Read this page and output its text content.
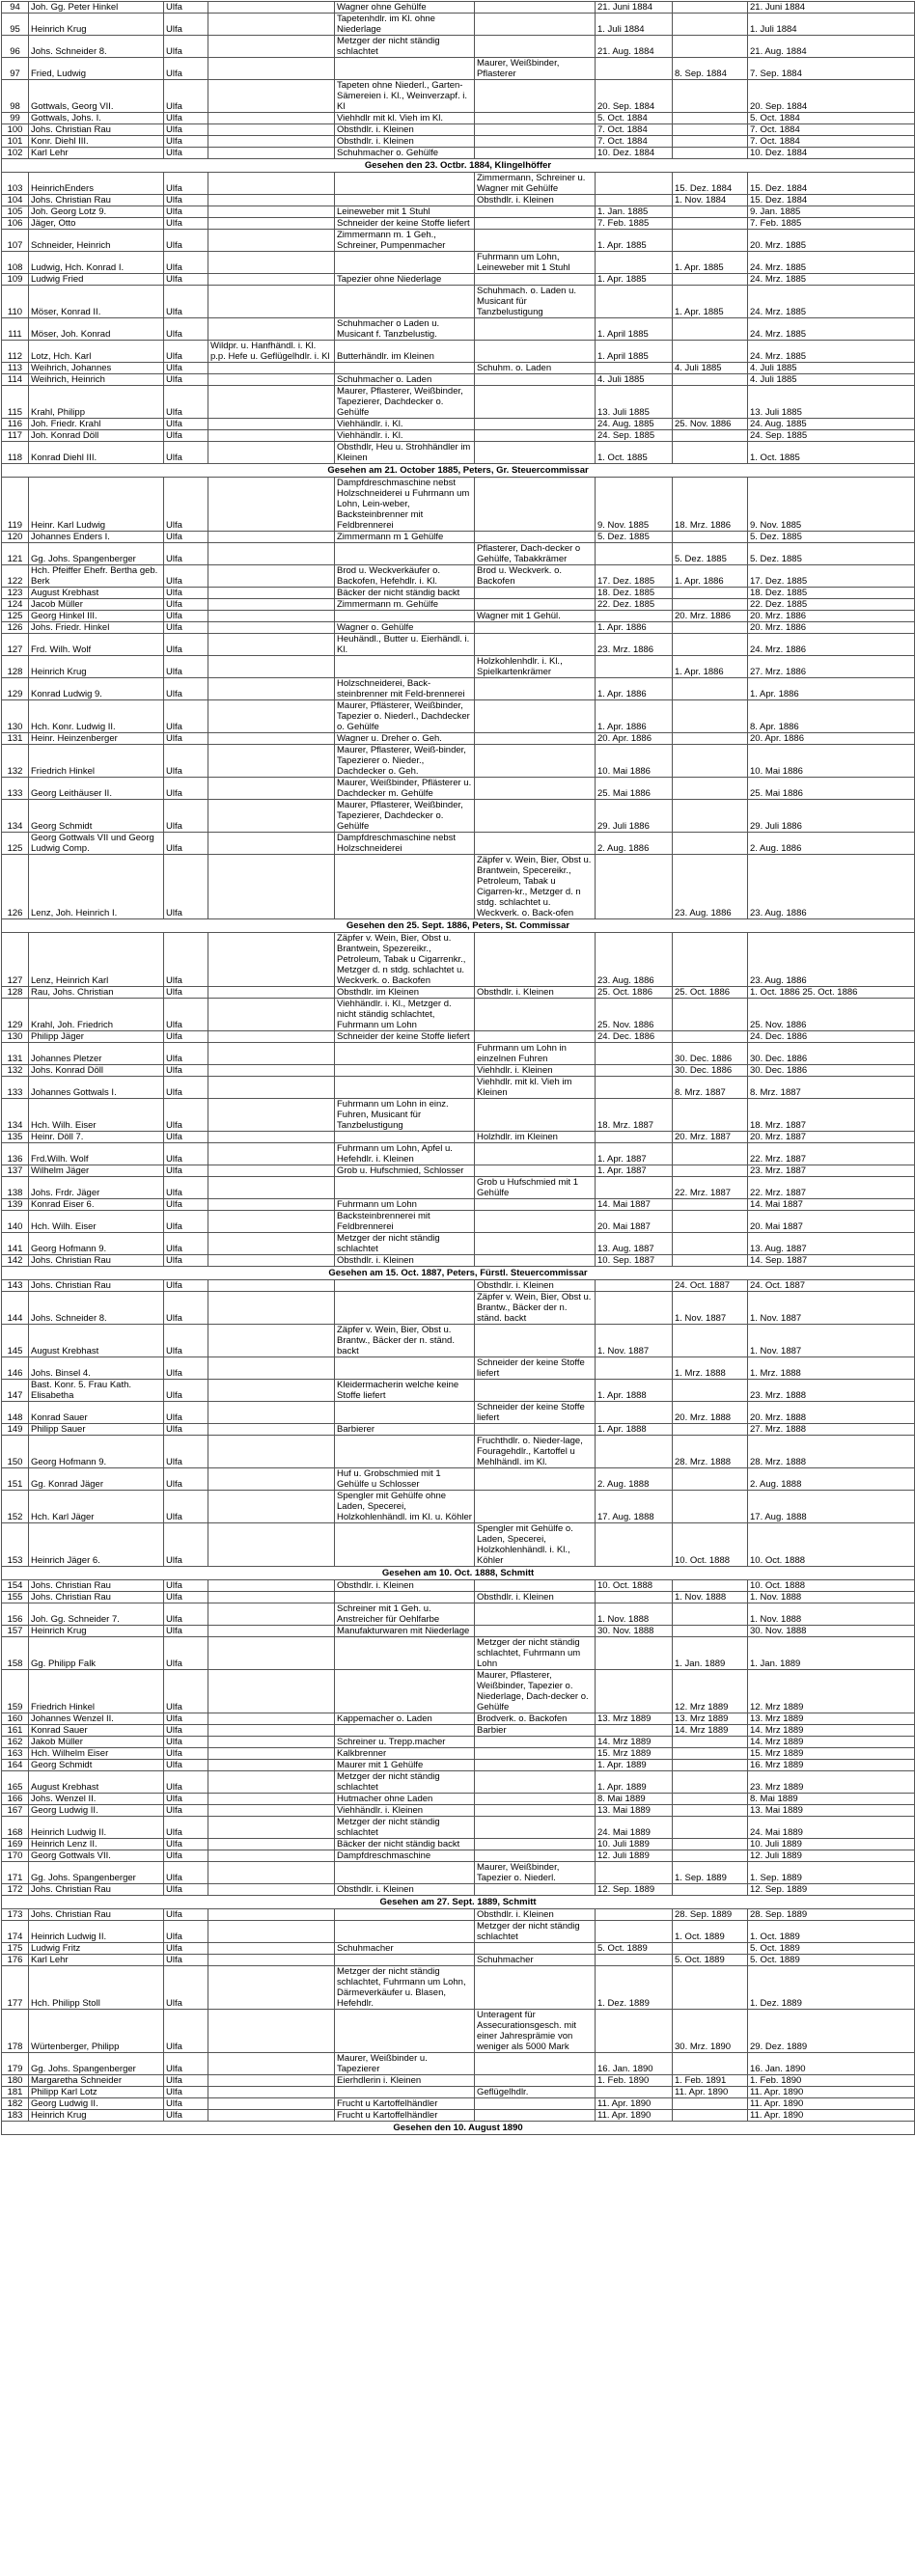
94	Joh. Gg. Peter Hinkel	Ulfa		Wagner ohne Gehülfe		21. Juni 1884		21. Juni 1884
95	Heinrich Krug	Ulfa		Tapetenhdlr. im Kl. ohne Niederlage		1. Juli 1884		1. Juli 1884
96	Johs. Schneider 8.	Ulfa		Metzger der nicht ständig schlachtet		21. Aug. 1884		21. Aug. 1884
97	Fried, Ludwig	Ulfa			Maurer, Weißbinder, Pflasterer		8. Sep. 1884	7. Sep. 1884
98	Gottwals, Georg VII.	Ulfa		Tapeten ohne Niederl., Garten-Sämereien i. Kl., Weinverzapf. i. Kl		20. Sep. 1884		20. Sep. 1884
99	Gottwals, Johs. I.	Ulfa		Viehhdlr mit kl. Vieh im Kl.		5. Oct. 1884		5. Oct. 1884
100	Johs. Christian Rau	Ulfa		Obsthdlr. i. Kleinen		7. Oct. 1884		7. Oct. 1884
101	Konr. Diehl III.	Ulfa		Obsthdlr. i. Kleinen		7. Oct. 1884		7. Oct. 1884
102	Karl Lehr	Ulfa		Schuhmacher o. Gehülfe		10. Dez. 1884		10. Dez. 1884
Gesehen den 23. Octbr. 1884, Klingelhöffer								
103	HeinrichEnders	Ulfa			Zimmermann, Schreiner u. Wagner mit Gehülfe		15. Dez. 1884	15. Dez. 1884
104	Johs. Christian Rau	Ulfa			Obsthdlr. i. Kleinen		1. Nov. 1884	15. Dez. 1884
105	Joh. Georg Lotz 9.	Ulfa		Leineweber mit 1 Stuhl		1. Jan. 1885		9. Jan. 1885
106	Jäger, Otto	Ulfa		Schneider der keine Stoffe liefert		7. Feb. 1885		7. Feb. 1885
107	Schneider, Heinrich	Ulfa		Zimmermann m. 1 Geh., Schreiner, Pumpenmacher		1. Apr. 1885		20. Mrz. 1885
108	Ludwig, Hch. Konrad I.	Ulfa			Fuhrmann um Lohn, Leineweber mit 1 Stuhl		1. Apr. 1885	24. Mrz. 1885
109	Ludwig Fried	Ulfa		Tapezier ohne Niederlage		1. Apr. 1885		24. Mrz. 1885
110	Möser, Konrad II.	Ulfa			Schuhmach. o. Laden u. Musicant für Tanzbelustigung		1. Apr. 1885	24. Mrz. 1885
111	Möser, Joh. Konrad	Ulfa		Schuhmacher o Laden u. Musicant f. Tanzbelustig.		1. April 1885		24. Mrz. 1885
112	Lotz, Hch. Karl	Ulfa	Wildpr. u. Hanfhändl. i. Kl. p.p. Hefe u. Geflügelhdlr. i. Kl	Butterhändlr. im Kleinen		1. April 1885		24. Mrz. 1885
113	Weihrich, Johannes	Ulfa			Schuhm. o. Laden		4. Juli 1885	4. Juli 1885
114	Weihrich, Heinrich	Ulfa		Schuhmacher o. Laden		4. Juli 1885		4. Juli 1885
115	Krahl, Philipp	Ulfa		Maurer, Pflasterer, Weißbinder, Tapezierer, Dachdecker o. Gehülfe		13. Juli 1885		13. Juli 1885
116	Joh. Friedr. Krahl	Ulfa		Viehhändlr. i. Kl.		24. Aug. 1885	25. Nov. 1886	24. Aug. 1885
117	Joh. Konrad Döll	Ulfa		Viehhändlr. i. Kl.		24. Sep. 1885		24. Sep. 1885
118	Konrad Diehl III.	Ulfa		Obsthdlr, Heu u. Strohhändler im Kleinen		1. Oct. 1885		1. Oct. 1885
Gesehen am 21. October 1885, Peters, Gr. Steuercommissar								
119	Heinr. Karl Ludwig	Ulfa		Dampfdreschmaschine nebst Holzschneiderei u Fuhrmann um Lohn, Lein-weber, Backsteinbrenner mit Feldbrennerei		9. Nov. 1885	18. Mrz. 1886	9. Nov. 1885
120	Johannes Enders I.	Ulfa		Zimmermann m 1 Gehülfe		5. Dez. 1885		5. Dez. 1885
121	Gg. Johs. Spangenberger	Ulfa			Pflasterer, Dach-decker o Gehülfe, Tabakkrämer		5. Dez. 1885	5. Dez. 1885
122	Hch. Pfeiffer Ehefr. Bertha geb. Berk	Ulfa		Brod u. Weckverkäufer o. Backofen, Hefehdlr. i. Kl.	Brod u. Weckverk. o. Backofen	17. Dez. 1885	1. Apr. 1886	17. Dez. 1885
123	August Krebhast	Ulfa		Bäcker der nicht ständig backt		18. Dez. 1885		18. Dez. 1885
124	Jacob Müller	Ulfa		Zimmermann m. Gehülfe		22. Dez. 1885		22. Dez. 1885
125	Georg Hinkel III.	Ulfa			Wagner mit 1 Gehül.		20. Mrz. 1886	20. Mrz. 1886
126	Johs. Friedr. Hinkel	Ulfa		Wagner o. Gehülfe		1. Apr. 1886		20. Mrz. 1886
127	Frd. Wilh. Wolf	Ulfa		Heuhändl., Butter u. Eierhändl. i. Kl.		23. Mrz. 1886		24. Mrz. 1886
128	Heinrich Krug	Ulfa			Holzkohlenhdlr. i. Kl., Spielkartenkrämer		1. Apr. 1886	27. Mrz. 1886
129	Konrad Ludwig 9.	Ulfa		Holzschneiderei, Back-steinbrenner mit Feld-brennerei		1. Apr. 1886		1. Apr. 1886
130	Hch. Konr. Ludwig II.	Ulfa		Maurer, Pflästerer, Weißbinder, Tapezier o. Niederl., Dachdecker o. Gehülfe		1. Apr. 1886		8. Apr. 1886
131	Heinr. Heinzenberger	Ulfa		Wagner u. Dreher o. Geh.		20. Apr. 1886		20. Apr. 1886
132	Friedrich Hinkel	Ulfa		Maurer, Pflasterer, Weiß-binder, Tapezierer o. Nieder., Dachdecker o. Geh.		10. Mai 1886		10. Mai 1886
133	Georg Leithäuser II.	Ulfa		Maurer, Weißbinder, Pflästerer u. Dachdecker m. Gehülfe		25. Mai 1886		25. Mai 1886
134	Georg Schmidt	Ulfa		Maurer, Pflasterer, Weißbinder, Tapezierer, Dachdecker o. Gehülfe		29. Juli 1886		29. Juli 1886
125	Georg Gottwals VII und Georg Ludwig Comp.	Ulfa		Dampfdreschmaschine nebst Holzschneiderei		2. Aug. 1886		2. Aug. 1886
126	Lenz, Joh. Heinrich I.	Ulfa			Zäpfer v. Wein, Bier, Obst u. Brantwein, Specereikr., Petroleum, Tabak u Cigarren-kr., Metzger d. n stdg. schlachtet u. Weckverk. o. Back-ofen		23. Aug. 1886	23. Aug. 1886
Gesehen den 25. Sept. 1886, Peters, St. Commissar								
127	Lenz, Heinrich Karl	Ulfa		Zäpfer v. Wein, Bier, Obst u. Brantwein, Spezereikr., Petroleum, Tabak u Cigarrenkr., Metzger d. n stdg. schlachtet u. Weckverk. o. Backofen		23. Aug. 1886		23. Aug. 1886
128	Rau, Johs. Christian	Ulfa		Obsthdlr. im Kleinen	Obsthdlr. i. Kleinen	25. Oct. 1886	25. Oct. 1886	1. Oct. 1886 25. Oct. 1886
129	Krahl, Joh. Friedrich	Ulfa		Viehhändlr. i. Kl., Metzger d. nicht ständig schlachtet, Fuhrmann um Lohn		25. Nov. 1886		25. Nov. 1886
130	Philipp Jäger	Ulfa		Schneider der keine Stoffe liefert		24. Dec. 1886		24. Dec. 1886
131	Johannes Pletzer	Ulfa			Fuhrmann um Lohn in einzelnen Fuhren		30. Dec. 1886	30. Dec. 1886
132	Johs. Konrad Döll	Ulfa			Viehhdlr. i. Kleinen		30. Dec. 1886	30. Dec. 1886
133	Johannes Gottwals I.	Ulfa			Viehhdlr. mit kl. Vieh im Kleinen		8. Mrz. 1887	8. Mrz. 1887
134	Hch. Wilh. Eiser	Ulfa		Fuhrmann um Lohn in einz. Fuhren, Musicant für Tanzbelustigung		18. Mrz. 1887		18. Mrz. 1887
135	Heinr. Döll 7.	Ulfa			Holzhdlr. im Kleinen		20. Mrz. 1887	20. Mrz. 1887
136	Frd.Wilh. Wolf	Ulfa		Fuhrmann um Lohn, Apfel u. Hefehdlr. i. Kleinen		1. Apr. 1887		22. Mrz. 1887
137	Wilhelm Jäger	Ulfa		Grob u. Hufschmied, Schlosser		1. Apr. 1887		23. Mrz. 1887
138	Johs. Frdr. Jäger	Ulfa			Grob u Hufschmied mit 1 Gehülfe		22. Mrz. 1887	22. Mrz. 1887
139	Konrad Eiser 6.	Ulfa		Fuhrmann um Lohn		14. Mai 1887		14. Mai 1887
140	Hch. Wilh. Eiser	Ulfa		Backsteinbrennerei mit Feldbrennerei		20. Mai 1887		20. Mai 1887
141	Georg Hofmann 9.	Ulfa		Metzger der nicht ständig schlachtet		13. Aug. 1887		13. Aug. 1887
142	Johs. Christian Rau	Ulfa		Obsthdlr. i. Kleinen		10. Sep. 1887		14. Sep. 1887
Gesehen am 15. Oct. 1887, Peters, Fürstl. Steuercommissar								
143	Johs. Christian Rau	Ulfa			Obsthdlr. i. Kleinen		24. Oct. 1887	24. Oct. 1887
144	Johs. Schneider 8.	Ulfa			Zäpfer v. Wein, Bier, Obst u. Brantw., Bäcker der n. ständ. backt		1. Nov. 1887	1. Nov. 1887
145	August Krebhast	Ulfa		Zäpfer v. Wein, Bier, Obst u. Brantw., Bäcker der n. ständ. backt		1. Nov. 1887		1. Nov. 1887
146	Johs. Binsel 4.	Ulfa			Schneider der keine Stoffe liefert		1. Mrz. 1888	1. Mrz. 1888
147	Bast. Konr. 5. Frau Kath. Elisabetha	Ulfa		Kleidermacherin welche keine Stoffe liefert		1. Apr. 1888		23. Mrz. 1888
148	Konrad Sauer	Ulfa			Schneider der keine Stoffe liefert		20. Mrz. 1888	20. Mrz. 1888
149	Philipp Sauer	Ulfa		Barbierer		1. Apr. 1888		27. Mrz. 1888
150	Georg Hofmann 9.	Ulfa			Fruchthdlr. o. Nieder-lage, Fouragehdlr., Kartoffel u Mehlhändl. im Kl.		28. Mrz. 1888	28. Mrz. 1888
151	Gg. Konrad Jäger	Ulfa		Huf u. Grobschmied mit 1 Gehülfe u Schlosser		2. Aug. 1888		2. Aug. 1888
152	Hch. Karl Jäger	Ulfa		Spengler mit Gehülfe ohne Laden, Specerei, Holzkohlenhändl. im Kl. u. Köhler		17. Aug. 1888		17. Aug. 1888
153	Heinrich Jäger 6.	Ulfa			Spengler mit Gehülfe o. Laden, Specerei, Holzkohlenhändl. i. Kl., Köhler		10. Oct. 1888	10. Oct. 1888
Gesehen am 10. Oct. 1888, Schmitt								
154	Johs. Christian Rau	Ulfa		Obsthdlr. i. Kleinen		10. Oct. 1888		10. Oct. 1888
155	Johs. Christian Rau	Ulfa			Obsthdlr. i. Kleinen		1. Nov. 1888	1. Nov. 1888
156	Joh. Gg. Schneider 7.	Ulfa		Schreiner mit 1 Geh. u. Anstreicher für Oehlfarbe		1. Nov. 1888		1. Nov. 1888
157	Heinrich Krug	Ulfa		Manufakturwaren mit Niederlage		30. Nov. 1888		30. Nov. 1888
158	Gg. Philipp Falk	Ulfa			Metzger der nicht ständig schlachtet, Fuhrmann um Lohn		1. Jan. 1889	1. Jan. 1889
159	Friedrich Hinkel	Ulfa			Maurer, Pflasterer, Weißbinder, Tapezier o. Niederlage, Dach-decker o. Gehülfe		12. Mrz 1889	12. Mrz 1889
160	Johannes Wenzel II.	Ulfa		Kappemacher o. Laden	Brodverk. o. Backofen	13. Mrz 1889	13. Mrz 1889	13. Mrz 1889
161	Konrad Sauer	Ulfa			Barbier		14. Mrz 1889	14. Mrz 1889
162	Jakob Müller	Ulfa		Schreiner u. Trepp.macher		14. Mrz 1889		14. Mrz 1889
163	Hch. Wilhelm Eiser	Ulfa		Kalkbrenner		15. Mrz 1889		15. Mrz 1889
164	Georg Schmidt	Ulfa		Maurer mit 1 Gehülfe		1. Apr. 1889		16. Mrz 1889
165	August Krebhast	Ulfa		Metzger der nicht ständig schlachtet		1. Apr. 1889		23. Mrz 1889
166	Johs. Wenzel II.	Ulfa		Hutmacher ohne Laden		8. Mai 1889		8. Mai 1889
167	Georg Ludwig II.	Ulfa		Viehhändlr. i. Kleinen		13. Mai 1889		13. Mai 1889
168	Heinrich Ludwig II.	Ulfa		Metzger der nicht ständig schlachtet		24. Mai 1889		24. Mai 1889
169	Heinrich Lenz II.	Ulfa		Bäcker der nicht ständig backt		10. Juli 1889		10. Juli 1889
170	Georg Gottwals VII.	Ulfa		Dampfdreschmaschine		12. Juli 1889		12. Juli 1889
171	Gg. Johs. Spangenberger	Ulfa			Maurer, Weißbinder, Tapezier o. Niederl.		1. Sep. 1889	1. Sep. 1889
172	Johs. Christian Rau	Ulfa		Obsthdlr. i. Kleinen		12. Sep. 1889		12. Sep. 1889
Gesehen am 27. Sept. 1889, Schmitt								
173	Johs. Christian Rau	Ulfa			Obsthdlr. i. Kleinen		28. Sep. 1889	28. Sep. 1889
174	Heinrich Ludwig II.	Ulfa			Metzger der nicht ständig schlachtet		1. Oct. 1889	1. Oct. 1889
175	Ludwig Fritz	Ulfa		Schuhmacher		5. Oct. 1889		5. Oct. 1889
176	Karl Lehr	Ulfa			Schuhmacher		5. Oct. 1889	5. Oct. 1889
177	Hch. Philipp Stoll	Ulfa		Metzger der nicht ständig schlachtet, Fuhrmann um Lohn, Därmeverkäufer u. Blasen, Hefehdlr.		1. Dez. 1889		1. Dez. 1889
178	Würtenberger, Philipp	Ulfa			Unteragent für Assecurationsgesch. mit einer Jahresprämie von weniger als 5000 Mark		30. Mrz. 1890	29. Dez. 1889
179	Gg. Johs. Spangenberger	Ulfa		Maurer, Weißbinder u. Tapezierer		16. Jan. 1890		16. Jan. 1890
180	Margaretha Schneider	Ulfa		Eierhdlerin i. Kleinen		1. Feb. 1890	1. Feb. 1891	1. Feb. 1890
181	Philipp Karl Lotz	Ulfa			Geflügelhdlr.		11. Apr. 1890	11. Apr. 1890
182	Georg Ludwig II.	Ulfa		Frucht u Kartoffelhändler		11. Apr. 1890		11. Apr. 1890
183	Heinrich Krug	Ulfa		Frucht u Kartoffelhändler		11. Apr. 1890		11. Apr. 1890
Gesehen den 10. August 1890								
